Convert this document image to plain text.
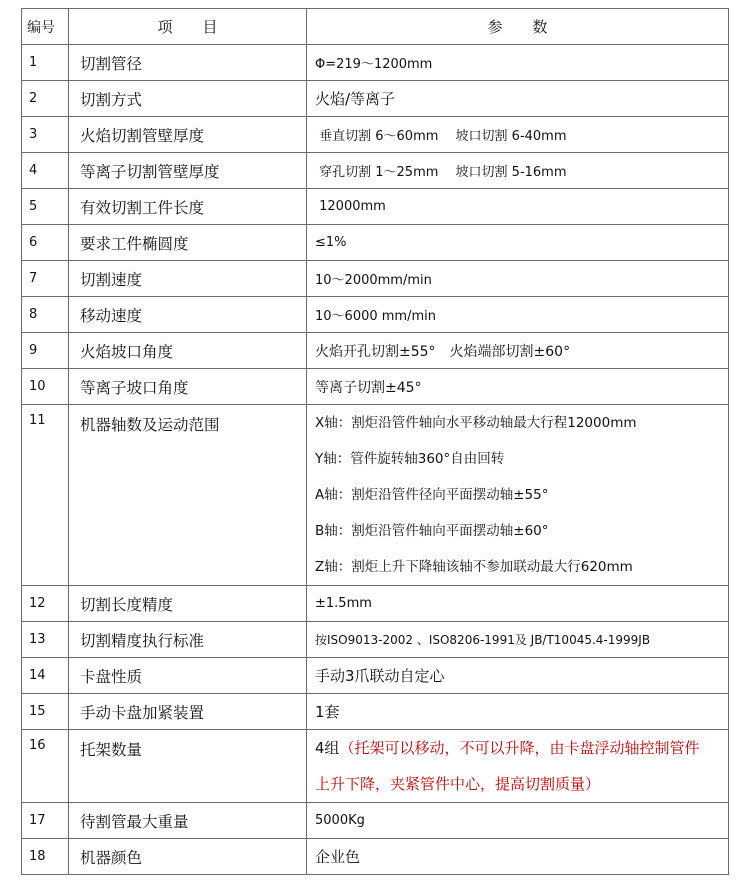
编号	项　　目	参　　数
1	切割管径	Φ=219～1200mm
2	切割方式	火焰/等离子
3	火焰切割管壁厚度	垂直切割 6～60mm　 坡口切割 6-40mm
4	等离子切割管壁厚度	穿孔切割 1～25mm　 坡口切割 5-16mm
5	有效切割工件长度	12000mm
6	要求工件椭圆度	≤1%
7	切割速度	10～2000mm/min
8	移动速度	10～6000 mm/min
9	火焰坡口角度	火焰开孔切割±55°　火焰端部切割±60°
10	等离子坡口角度	等离子切割±45°
11	机器轴数及运动范围	X轴：割炬沿管件轴向水平移动轴最大行程12000mm
Y轴：管件旋转轴360°自由回转
A轴：割炬沿管件径向平面摆动轴±55°
B轴：割炬沿管件轴向平面摆动轴±60°
Z轴：割炬上升下降轴该轴不参加联动最大行620mm

12	切割长度精度	±1.5mm
13	切割精度执行标准	按ISO9013-2002 、ISO8206-1991及 JB/T10045.4-1999JB
14	卡盘性质	手动3爪联动自定心
15	手动卡盘加紧装置	1套
16	托架数量	4组（托架可以移动，不可以升降，由卡盘浮动轴控制管件
上升下降，夹紧管件中心，提高切割质量）

17	待割管最大重量	5000Kg
18	机器颜色	企业色
